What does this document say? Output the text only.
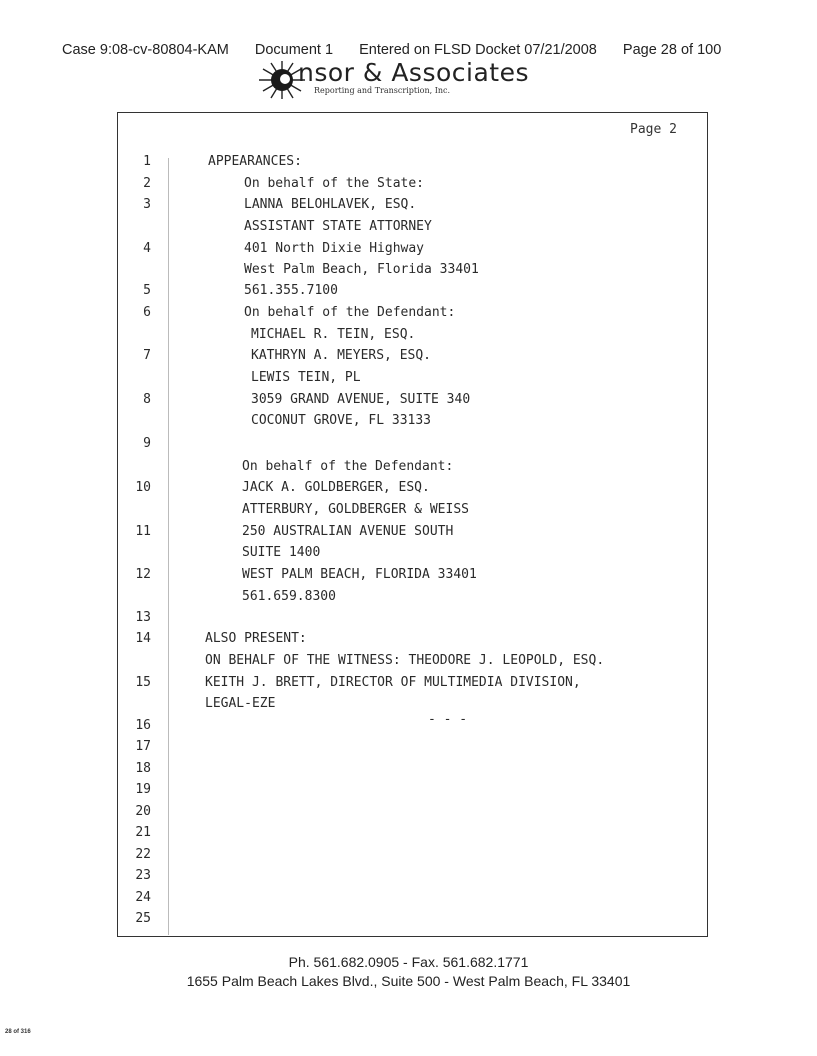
Case 9:08-cv-80804-KAM Document 1 Entered on FLSD Docket 07/21/2008 Page 28 of 100
nsor & Associates
Reporting and Transcription, Inc.
Page 2
1
2
3
4
5
6
7
8
9
10
11
12
13
14
15
16
17
18
19
20
21
22
23
24
25
APPEARANCES:
On behalf of the State:
LANNA BELOHLAVEK, ESQ.
ASSISTANT STATE ATTORNEY
401 North Dixie Highway
West Palm Beach, Florida 33401
561.355.7100
On behalf of the Defendant:
MICHAEL R. TEIN, ESQ.
KATHRYN A. MEYERS, ESQ.
LEWIS TEIN, PL
3059 GRAND AVENUE, SUITE 340
COCONUT GROVE, FL 33133
On behalf of the Defendant:
JACK A. GOLDBERGER, ESQ.
ATTERBURY, GOLDBERGER & WEISS
250 AUSTRALIAN AVENUE SOUTH
SUITE 1400
WEST PALM BEACH, FLORIDA 33401
561.659.8300
ALSO PRESENT:
ON BEHALF OF THE WITNESS: THEODORE J. LEOPOLD, ESQ.
KEITH J. BRETT, DIRECTOR OF MULTIMEDIA DIVISION,
LEGAL-EZE
- - -
Ph. 561.682.0905 - Fax. 561.682.1771
1655 Palm Beach Lakes Blvd., Suite 500 - West Palm Beach, FL 33401
28 of 316
